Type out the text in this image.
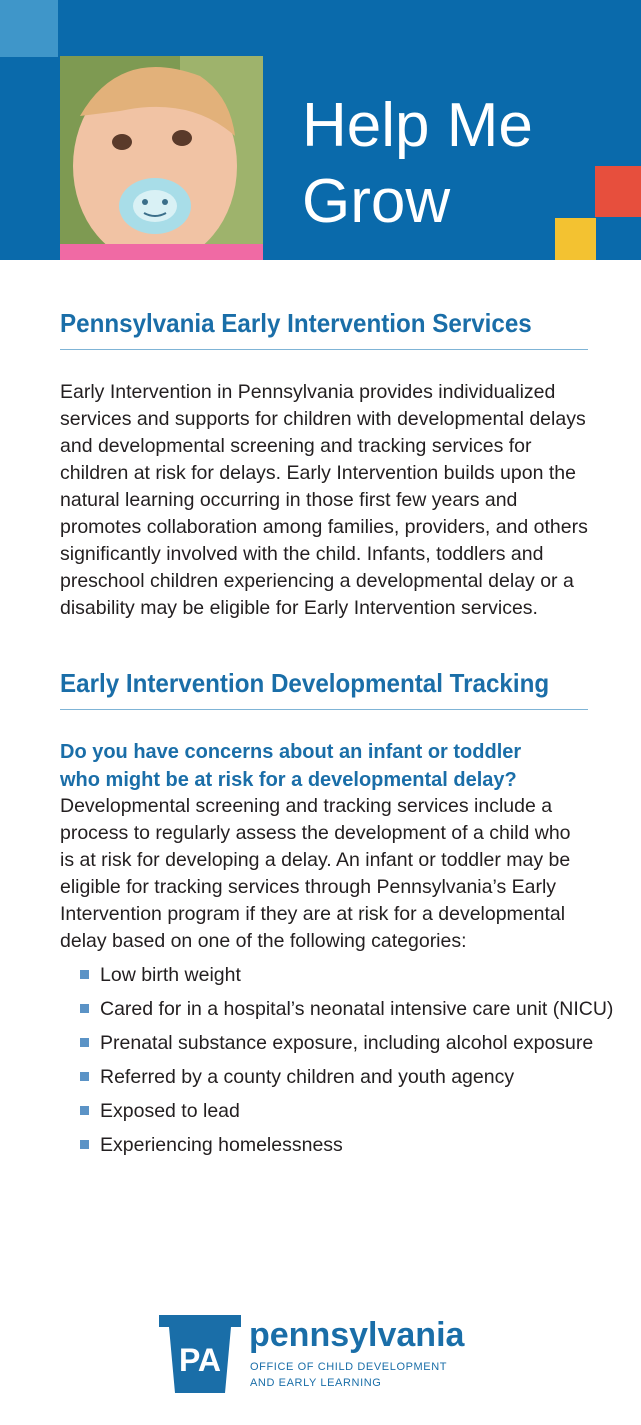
Help Me
Grow
Pennsylvania Early Intervention Services

Early Intervention in Pennsylvania provides individualized services and supports for children with developmental delays and developmental screening and tracking services for children at risk for delays. Early Intervention builds upon the natural learning occurring in those first few years and promotes collaboration among families, providers, and others significantly involved with the child. Infants, toddlers and preschool children experiencing a developmental delay or a disability may be eligible for Early Intervention services.

Early Intervention Developmental Tracking
Do you have concerns about an infant or toddler
who might be at risk for a developmental delay?

Developmental screening and tracking services include a process to regularly assess the development of a child who is at risk for developing a delay. An infant or toddler may be eligible for tracking services through Pennsylvania’s Early Intervention program if they are at risk for a developmental delay based on one of the following categories:

Low birth weight
Cared for in a hospital’s neonatal intensive care unit (NICU)
Prenatal substance exposure, including alcohol exposure
Referred by a county children and youth agency
Exposed to lead
Experiencing homelessness
PA
pennsylvania
OFFICE OF CHILD DEVELOPMENT
AND EARLY LEARNING
